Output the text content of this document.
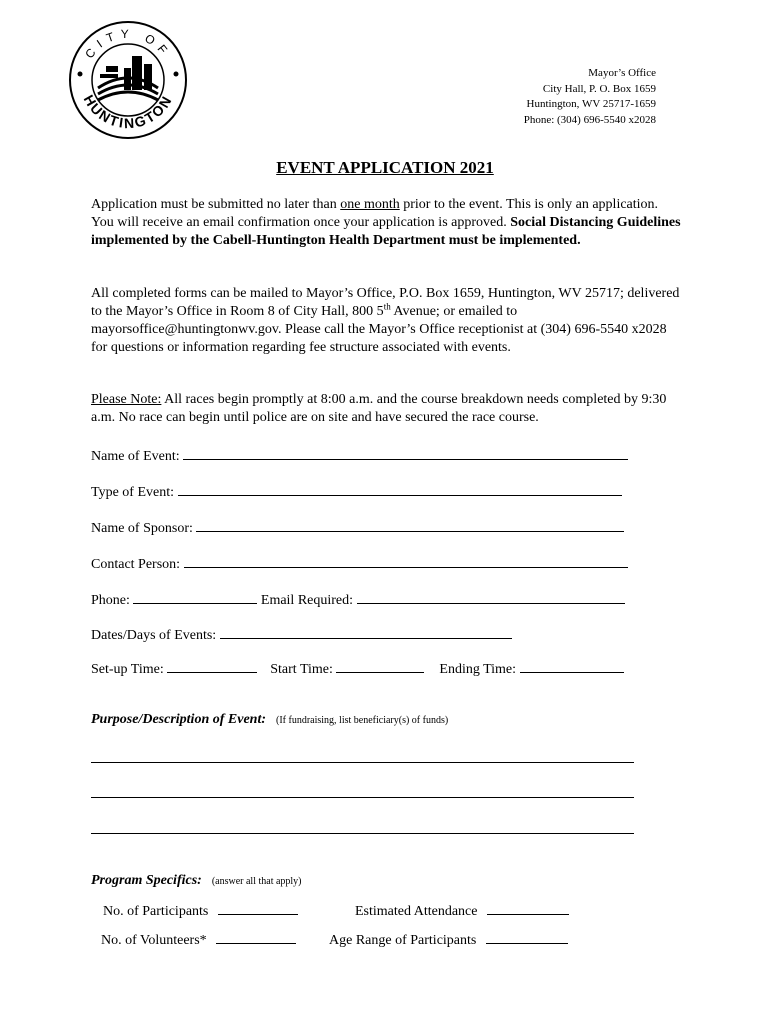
CITY OF
HUNTINGTON
Mayor’s Office
City Hall, P. O. Box 1659
Huntington, WV 25717-1659
Phone: (304) 696-5540 x2028
EVENT APPLICATION 2021
Application must be submitted no later than one month prior to the event. This is only an application. You will receive an email confirmation once your application is approved. Social Distancing Guidelines implemented by the Cabell-Huntington Health Department must be implemented.
All completed forms can be mailed to Mayor’s Office, P.O. Box 1659, Huntington, WV 25717; delivered to the Mayor’s Office in Room 8 of City Hall, 800 5th Avenue; or emailed to mayorsoffice@huntingtonwv.gov. Please call the Mayor’s Office receptionist at (304) 696-5540 x2028 for questions or information regarding fee structure associated with events.
Please Note: All races begin promptly at 8:00 a.m. and the course breakdown needs completed by 9:30 a.m. No race can begin until police are on site and have secured the race course.
Name of Event:
Type of Event:
Name of Sponsor:
Contact Person:
Phone:	Email Required:
Dates/Days of Events:
Set-up Time:	Start Time:	Ending Time:
Purpose/Description of Event: (If fundraising, list beneficiary(s) of funds)
Program Specifics: (answer all that apply)
No. of Participants	Estimated Attendance
No. of Volunteers*	Age Range of Participants
